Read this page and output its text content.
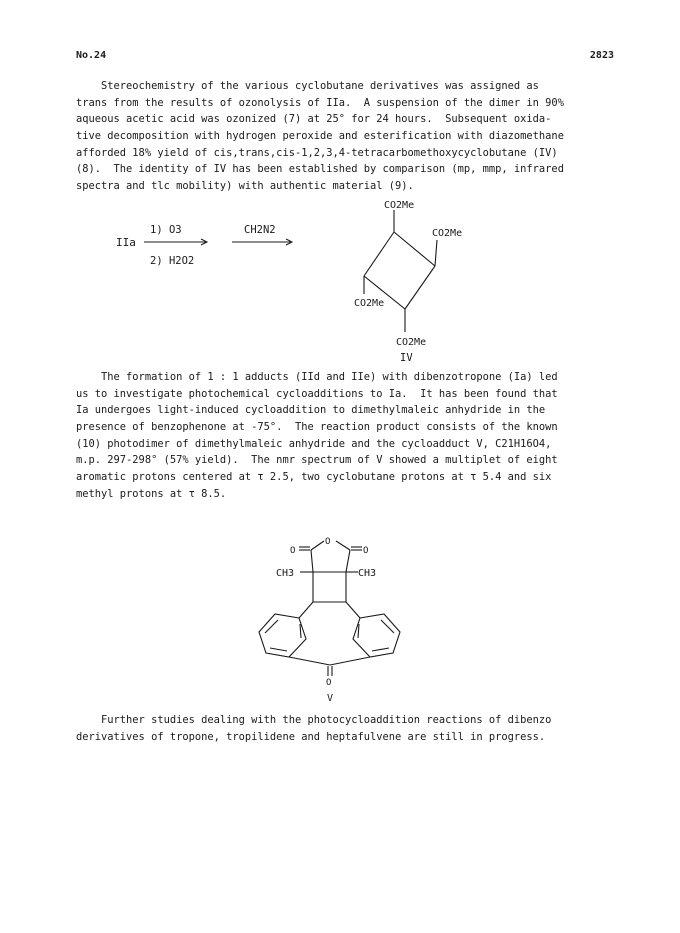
No.24	2823
Stereochemistry of the various cyclobutane derivatives was assigned as
trans from the results of ozonolysis of IIa.  A suspension of the dimer in 90%
aqueous acetic acid was ozonized (7) at 25° for 24 hours.  Subsequent oxida-
tive decomposition with hydrogen peroxide and esterification with diazomethane
afforded 18% yield of cis,trans,cis-1,2,3,4-tetracarbomethoxycyclobutane (IV)
(8).  The identity of IV has been established by comparison (mp, mmp, infrared
spectra and tlc mobility) with authentic material (9).
IIa
1) O3
2) H2O2
CH2N2
CO2Me
CO2Me
CO2Me
CO2Me
IV
The formation of 1 : 1 adducts (IId and IIe) with dibenzotropone (Ia) led
us to investigate photochemical cycloadditions to Ia.  It has been found that
Ia undergoes light-induced cycloaddition to dimethylmaleic anhydride in the
presence of benzophenone at -75°.  The reaction product consists of the known
(10) photodimer of dimethylmaleic anhydride and the cycloadduct V, C21H16O4,
m.p. 297-298° (57% yield).  The nmr spectrum of V showed a multiplet of eight
aromatic protons centered at τ 2.5, two cyclobutane protons at τ 5.4 and six
methyl protons at τ 8.5.
O
O	O
CH3	CH3
O
V
Further studies dealing with the photocycloaddition reactions of dibenzo
derivatives of tropone, tropilidene and heptafulvene are still in progress.
